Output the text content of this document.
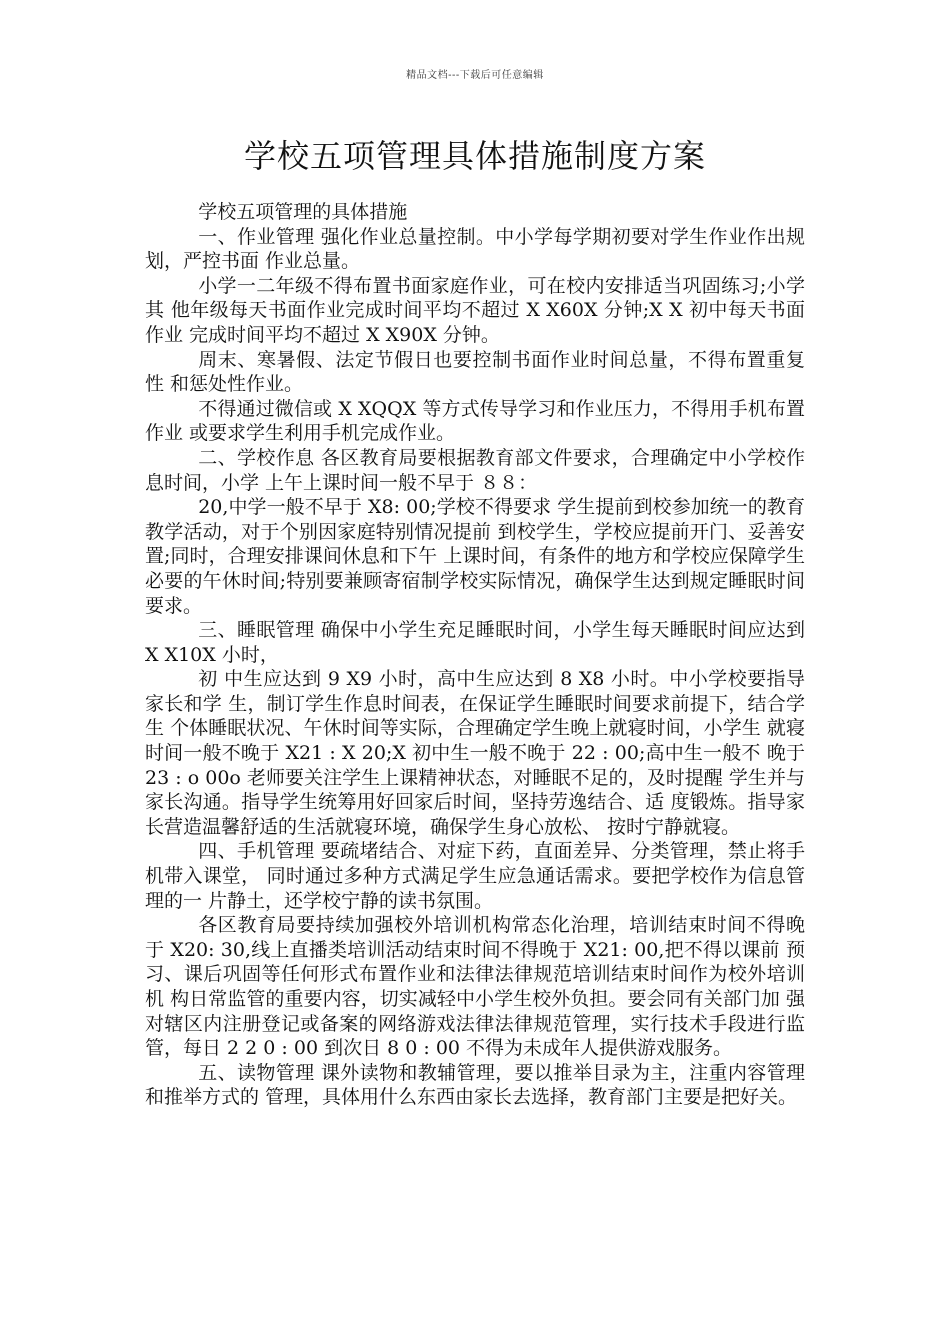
精品文档---下载后可任意编辑
学校五项管理具体措施制度方案

学校五项管理的具体措施

一、作业管理 强化作业总量控制。中小学每学期初要对学生作业作出规划，严控书面 作业总量。

小学一二年级不得布置书面家庭作业，可在校内安排适当巩固练习;小学其 他年级每天书面作业完成时间平均不超过 X X60X 分钟;X X 初中每天书面作业 完成时间平均不超过 X X90X 分钟。

周末、寒暑假、法定节假日也要控制书面作业时间总量，不得布置重复性 和惩处性作业。

不得通过微信或 X XQQX 等方式传导学习和作业压力，不得用手机布置作业 或要求学生利用手机完成作业。

二、学校作息 各区教育局要根据教育部文件要求，合理确定中小学校作息时间，小学 上午上课时间一般不早于 ８８：

20,中学一般不早于 X8: 00;学校不得要求 学生提前到校参加统一的教育教学活动，对于个别因家庭特别情况提前 到校学生，学校应提前开门、妥善安置;同时，合理安排课间休息和下午 上课时间，有条件的地方和学校应保障学生必要的午休时间;特别要兼顾寄宿制学校实际情况，确保学生达到规定睡眠时间要求。

三、睡眠管理 确保中小学生充足睡眠时间，小学生每天睡眠时间应达到 X X10X 小时，

初 中生应达到 9 X9 小时，高中生应达到 8 X8 小时。中小学校要指导家长和学 生，制订学生作息时间表，在保证学生睡眠时间要求前提下，结合学生 个体睡眠状况、午休时间等实际，合理确定学生晚上就寝时间，小学生 就寝时间一般不晚于 X21 : X 20;X 初中生一般不晚于 22 : 00;高中生一般不 晚于 23 : o 00o 老师要关注学生上课精神状态，对睡眠不足的，及时提醒 学生并与家长沟通。指导学生统筹用好回家后时间，坚持劳逸结合、适 度锻炼。指导家长营造温馨舒适的生活就寝环境，确保学生身心放松、 按时宁静就寝。

四、手机管理 要疏堵结合、对症下药，直面差异、分类管理，禁止将手机带入课堂， 同时通过多种方式满足学生应急通话需求。要把学校作为信息管理的一 片静土，还学校宁静的读书氛围。

各区教育局要持续加强校外培训机构常态化治理，培训结束时间不得晚于 X20: 30,线上直播类培训活动结束时间不得晚于 X21: 00,把不得以课前 预习、课后巩固等任何形式布置作业和法律法律规范培训结束时间作为校外培训机 构日常监管的重要内容，切实减轻中小学生校外负担。要会同有关部门加 强对辖区内注册登记或备案的网络游戏法律法律规范管理，实行技术手段进行监 管，每日 2 2 0 : 00 到次日 8 0 : 00 不得为未成年人提供游戏服务。

五、读物管理 课外读物和教辅管理，要以推举目录为主，注重内容管理和推举方式的 管理，具体用什么东西由家长去选择，教育部门主要是把好关。
